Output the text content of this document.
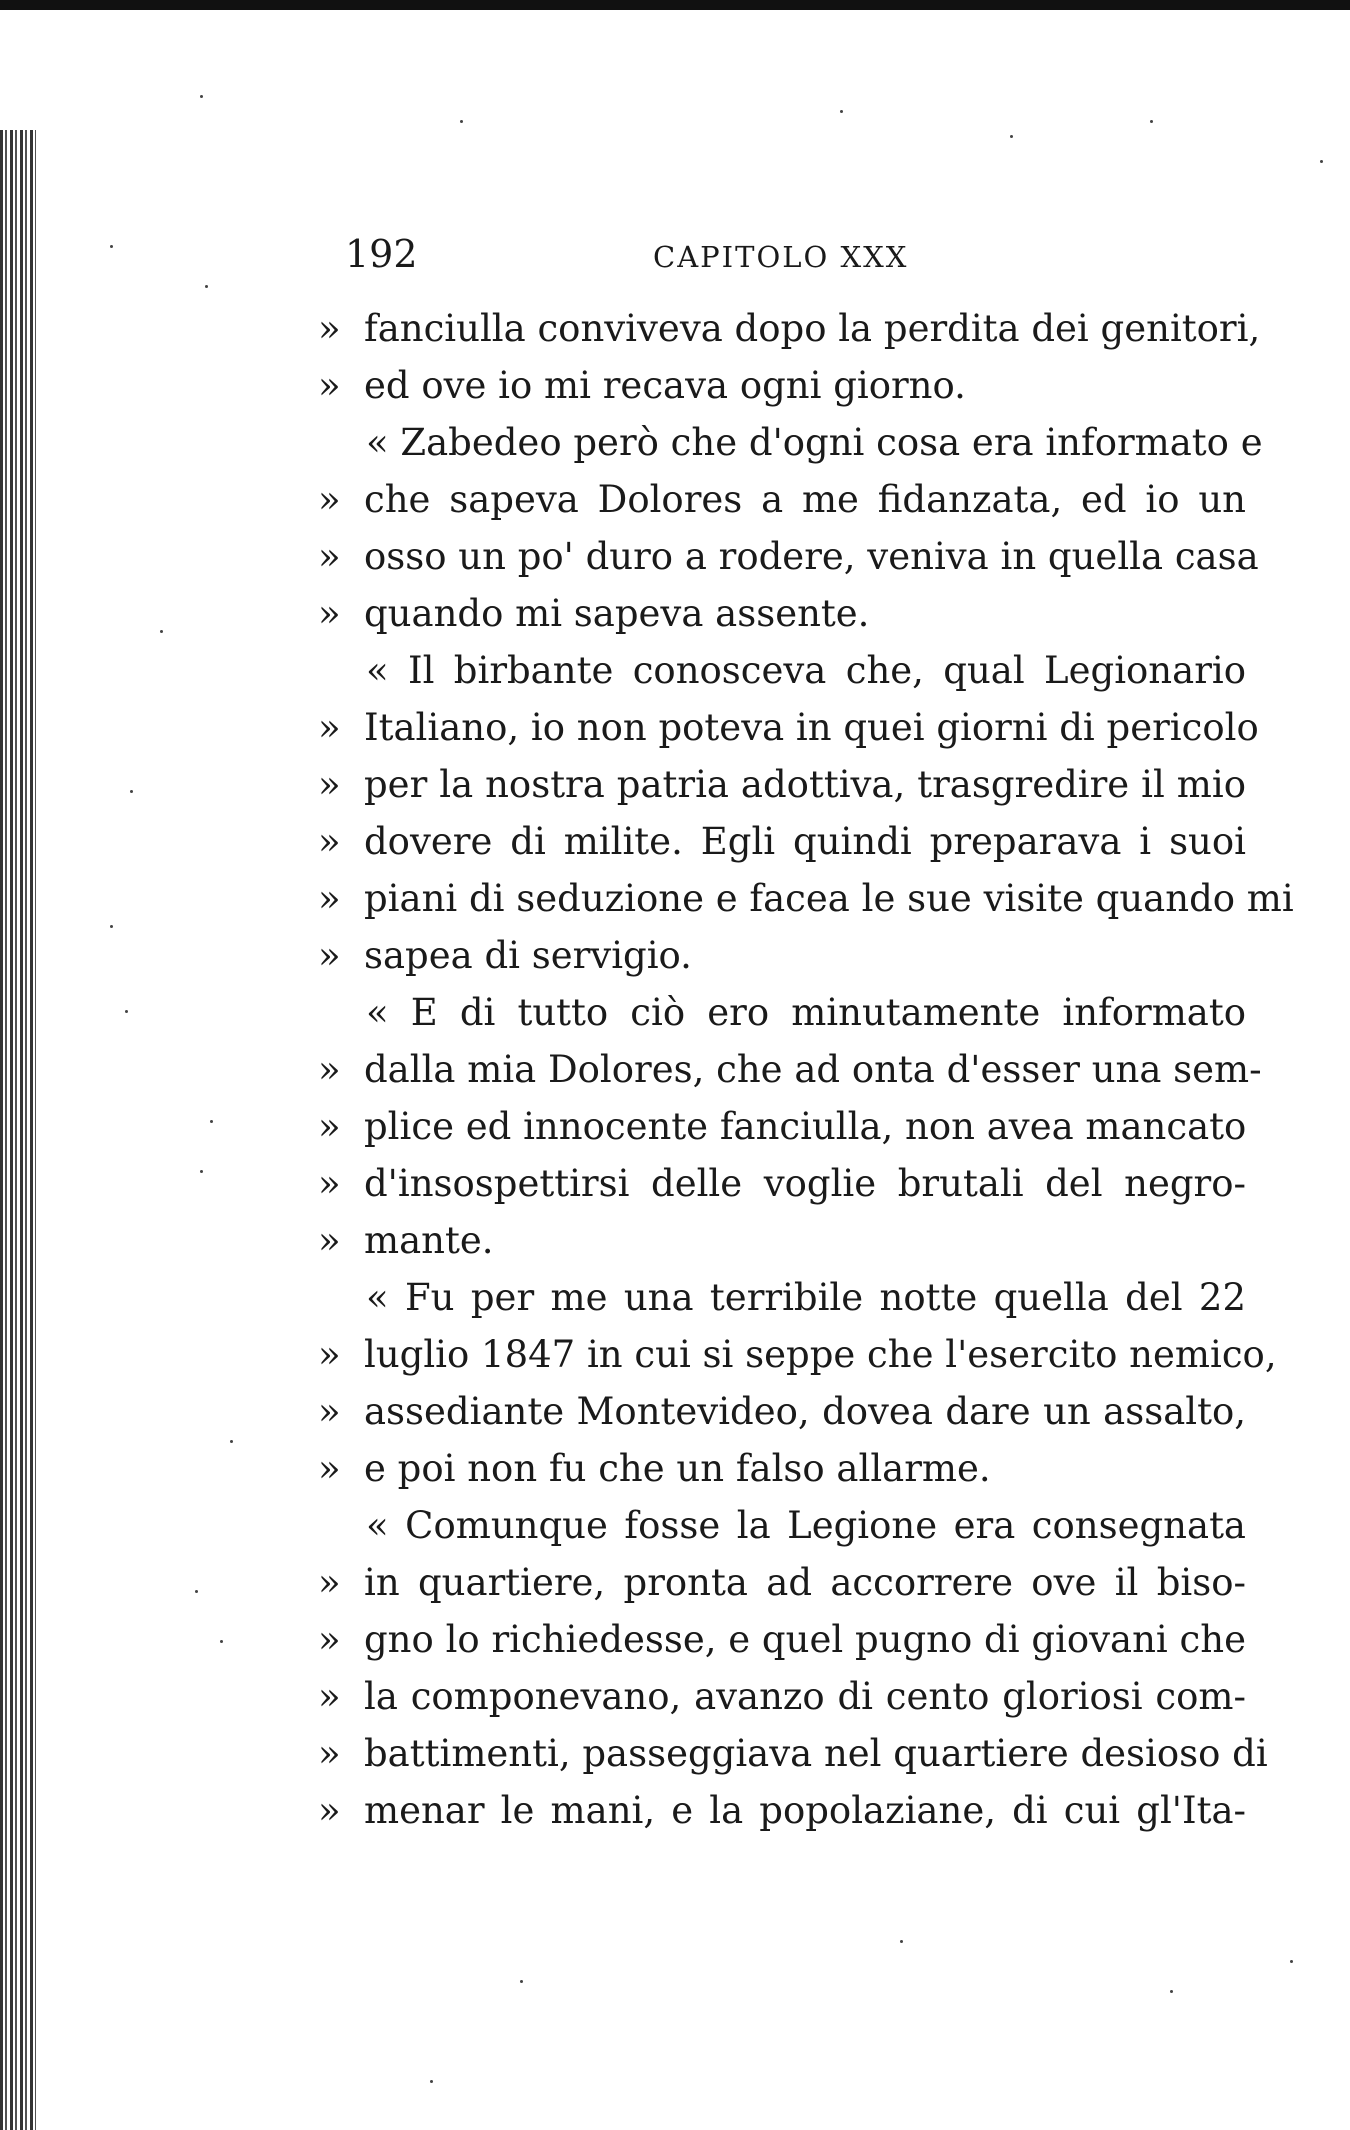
192	CAPITOLO XXX
» fanciulla conviveva dopo la perdita dei genitori,
» ed ove io mi recava ogni giorno.
« Zabedeo però che d'ogni cosa era informato e
» che sapeva Dolores a me fidanzata, ed io un
» osso un po' duro a rodere, veniva in quella casa
» quando mi sapeva assente.
« Il birbante conosceva che, qual Legionario
» Italiano, io non poteva in quei giorni di pericolo
» per la nostra patria adottiva, trasgredire il mio
» dovere di milite. Egli quindi preparava i suoi
» piani di seduzione e facea le sue visite quando mi
» sapea di servigio.
« E di tutto ciò ero minutamente informato
» dalla mia Dolores, che ad onta d'esser una sem-
» plice ed innocente fanciulla, non avea mancato
» d'insospettirsi delle voglie brutali del negro-
» mante.
« Fu per me una terribile notte quella del 22
» luglio 1847 in cui si seppe che l'esercito nemico,
» assediante Montevideo, dovea dare un assalto,
» e poi non fu che un falso allarme.
« Comunque fosse la Legione era consegnata
» in quartiere, pronta ad accorrere ove il biso-
» gno lo richiedesse, e quel pugno di giovani che
» la componevano, avanzo di cento gloriosi com-
» battimenti, passeggiava nel quartiere desioso di
» menar le mani, e la popolaziane, di cui gl'Ita-
